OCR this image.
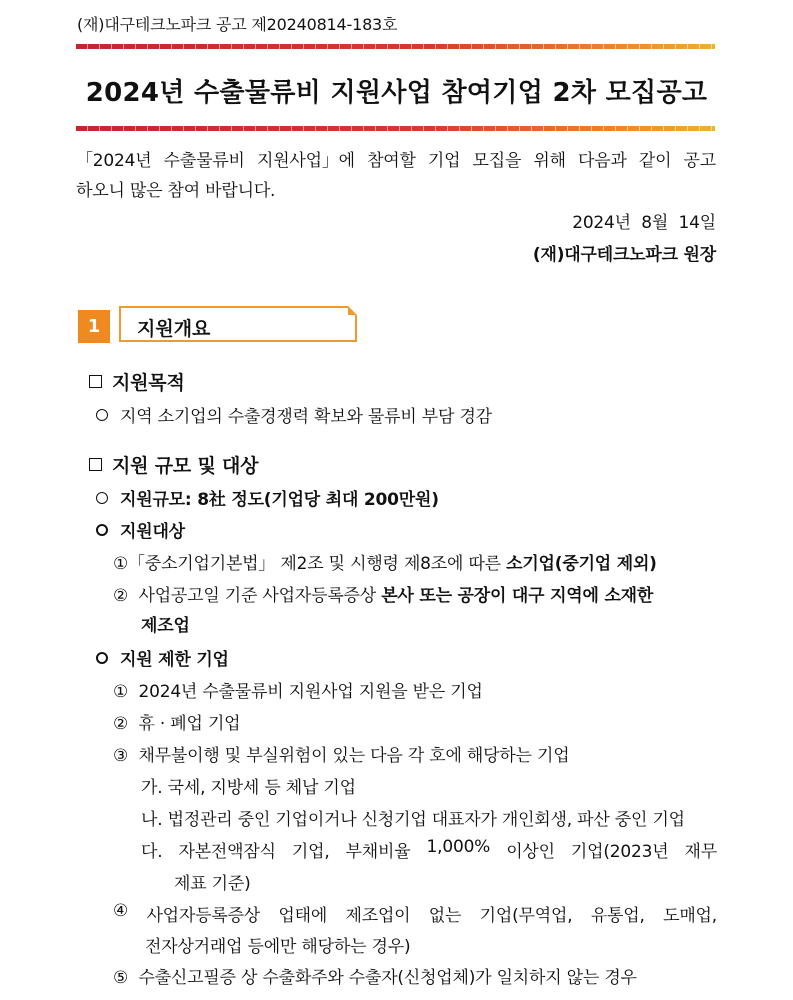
(재)대구테크노파크 공고 제20240814-183호
2024년 수출물류비 지원사업 참여기업 2차 모집공고
「2024년 수출물류비 지원사업」에 참여할 기업 모집을 위해 다음과 같이 공고
하오니 많은 참여 바랍니다.
2024년  8월  14일
(재)대구테크노파크 원장
1	지원개요
지원목적
지역 소기업의 수출경쟁력 확보와 물류비 부담 경감
지원 규모 및 대상
지원규모: 8社 정도(기업당 최대 200만원)
지원대상
①「중소기업기본법」 제2조 및 시행령 제8조에 따른 소기업(중기업 제외)
② 사업공고일 기준 사업자등록증상 본사 또는 공장이 대구 지역에 소재한
제조업
지원 제한 기업
① 2024년 수출물류비 지원사업 지원을 받은 기업
② 휴 · 폐업 기업
③ 채무불이행 및 부실위험이 있는 다음 각 호에 해당하는 기업
가. 국세, 지방세 등 체납 기업
나. 법정관리 중인 기업이거나 신청기업 대표자가 개인회생, 파산 중인 기업
다. 자본전액잠식 기업, 부채비율 1,000% 이상인 기업(2023년 재무
제표 기준)
④ 사업자등록증상 업태에 제조업이 없는 기업(무역업, 유통업, 도매업,
전자상거래업 등에만 해당하는 경우)
⑤ 수출신고필증 상 수출화주와 수출자(신청업체)가 일치하지 않는 경우
